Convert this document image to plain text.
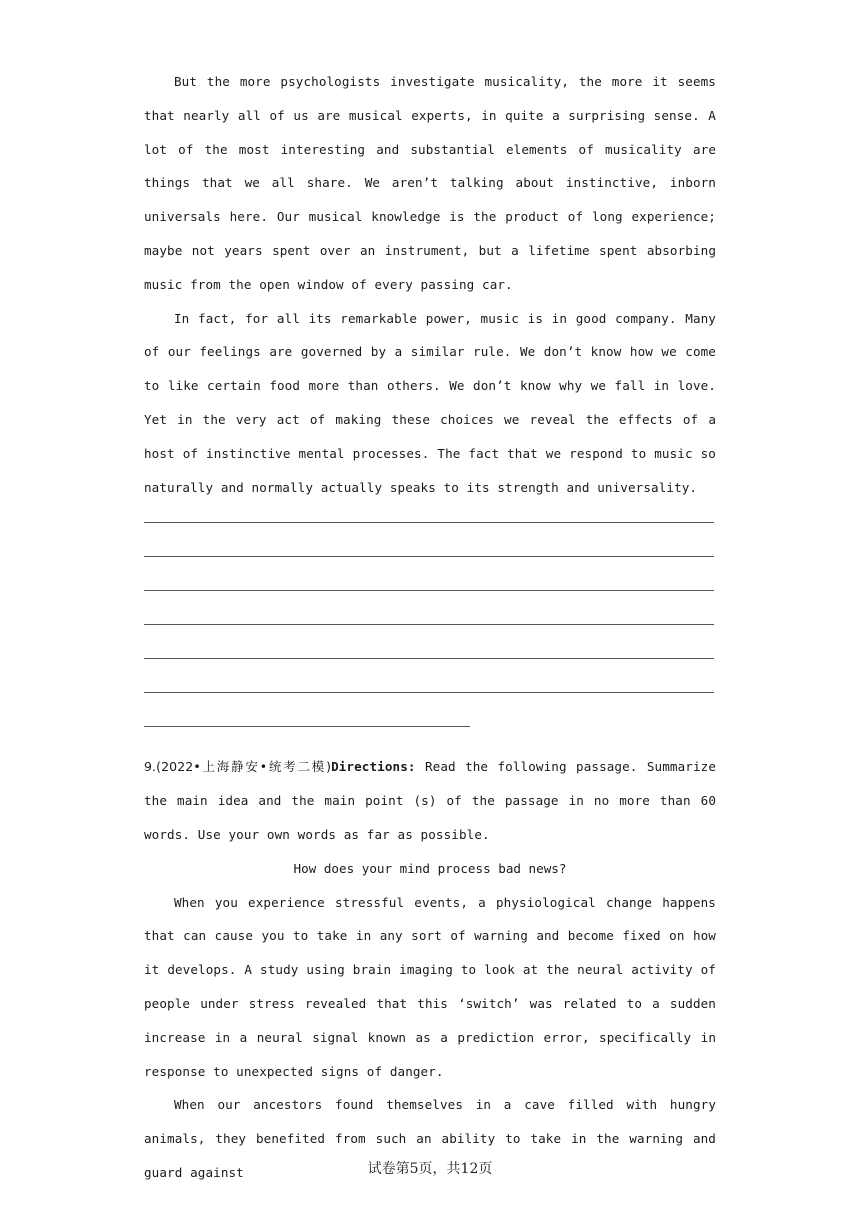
But the more psychologists investigate musicality, the more it seems that nearly all of us are musical experts, in quite a surprising sense. A lot of the most interesting and substantial elements of musicality are things that we all share. We aren’t talking about instinctive, inborn universals here. Our musical knowledge is the product of long experience; maybe not years spent over an instrument, but a lifetime spent absorbing music from the open window of every passing car.

In fact, for all its remarkable power, music is in good company. Many of our feelings are governed by a similar rule. We don’t know how we come to like certain food more than others. We don’t know why we fall in love. Yet in the very act of making these choices we reveal the effects of a host of instinctive mental processes. The fact that we respond to music so naturally and normally actually speaks to its strength and universality.

9.(2022•上海静安•统考二模)Directions: Read the following passage. Summarize the main idea and the main point (s) of the passage in no more than 60 words. Use your own words as far as possible.

How does your mind process bad news?

When you experience stressful events, a physiological change happens that can cause you to take in any sort of warning and become fixed on how it develops. A study using brain imaging to look at the neural activity of people under stress revealed that this ‘switch’ was related to a sudden increase in a neural signal known as a prediction error, specifically in response to unexpected signs of danger.

When our ancestors found themselves in a cave filled with hungry animals, they benefited from such an ability to take in the warning and guard against	试卷第5页，共12页
